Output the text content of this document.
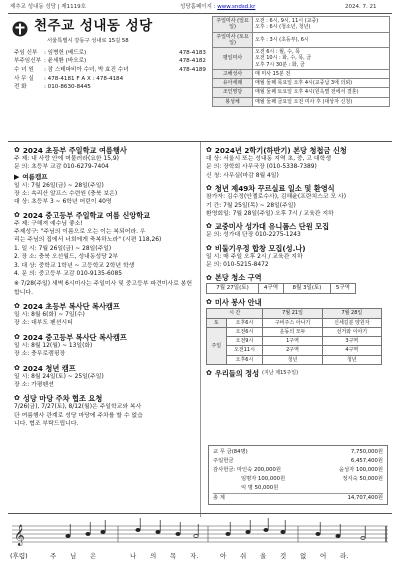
제추교 성내동 성당 | 제1119호	성당홈페이지 : www.sndsd.kr	2024. 7. 21
천주교 성내동 성당
서울특별시 강동구 성내로 15길 58
주임 신부	: 임병헌 (베드로)	478-4183
부주임신부 : 윤세환 (바오로)	478-4182
수 녀 원	: 잠 스테파비아 수녀, 박 효진 수녀	478-4189
사 무 실	: 478-4181 F A X : 478-4184
전 화	: 010-8630-8445
주일미사 (일요일)	오전 : 6시, 9시, 11시 (교중)
오후 : 6시 (청소년, 청년)
주일미사 (토요일)	오후 : 3시 (초등부), 6시
평일미사	오전 6시 : 월, 수, 목
오전 10시 : 화, 수, 목, 금
오후 7시 30분 : 화, 금
고해성사	매 미사 15분 전
유아세례	매월 둘째 목요일 오후 4시(교중납 3에 의뢰)
조인영당	매월 둘째 토요일 오후 4시(원옥별 전에서 결혼)
봉성체	매월 둘째 금요일 오전 미사 후 (대상자 신청)
✿ 2024 초등부 주일학교 여름행사

주 제: 내 사랑 안에 머물러라(요한 15,9)

문 의: 초등부 교감 010-6279-7404

▶ 여름캠프

일 시: 7월 26일(금) ~ 28일(주일)

장 소: 속리산 알프스 수련원 (충북 보은)

대 상: 초등부 3 ~ 6학년 어린이 40명

✿ 2024 중고등부 주일학교 여름 신앙학교

주 제: 구해져 예수님 좋소!

주제성구: "주님의 이름으로 오는 이는 복되어라. 우

리는 주님의 집에서 너희에게 축복하노라" (시편 118,26)

1. 일 시: 7월 26일(금) ~ 28일(주일)

2. 장 소: 충북 오선월드, 성내동성당 2부

3. 대 상: 중학교 1학년 ~ 고등학교 2학년 학생

4. 문 의: 중고등부 교감 010-9135-6085

※ 7/28(주일) 새벽 6시미사는 주일미사 및 중고등부 파견미사로 봉헌합니다.

✿ 2024 초등부 복사단 복사캠프

일 시: 8월 6(화) ~ 7일(수)

장 소: 대부도 펜션시티

✿ 2024 중고등부 복사단 복사캠프

일 시: 8월 12(월) ~ 13일(화)

장 소: 충무로캠핑장

✿ 2024 청년 캠프

일 시: 8월 24일(토) ~ 25일(주일)

장 소: 가평펜션

✿ 성당 마당 주차 협조 요청

7/26(금), 7/27(토), 8/12(월)은 주일학교와 복사

단 여름행사 관계로 성당 마당에 주차를 할 수 없습

니다. 협조 부탁드립니다.

✿ 2024년 2학기(하반기) 본당 청첩금 신청

대 상: 서울시 또는 성내동 지역 초, 중, 고 대학생

문 의: 장학회 사무국장 (010-5338-7389)

신 청: 사무실(마감 8월 4일)

✿ 청년 제49차 꾸르실료 일소 및 환영식

참가자: 김수정(안젤로수사), 김해윤(프란치스코 모 사)

기 간: 7월 25일(목) ~ 28일(주일)

환영회일: 7월 28일(주일) 오후 7시 / 교육관 지하

✿ 교중미사 성가대 유니폼스 단원 모집

문 의: 성가대 단장 010-2275-1243

✿ 비둘기우정 합창 모집(성.나)

일 시: 매 주일 오후 2시 / 교육관 지하

문 의: 010-5215-8472

✿ 본당 청소 구역
7월 27일(토)	4구역	8월 3일(토)	5구역
✿ 미사 봉사 안내
시 간		7월 21일	7월 28일
토	오후6시	구비주스 아나기	신세길분 양원자
주일	오전6시	운동의 모두	선거와 이야기
	오전9시	1구역	3구역
	오전11시	2구역	4구역
	오후6시	청년	청년
✿ 우리들의 정성 (지난 제15주일)
교 무 금(84명)	7,750,000원
주일헌금	6,457,400원
감사헌금: 마인숙 200,000원	윤성자 100,000원
임명자 100,000원	정지숙 50,000원
익 명 50,000원
총 계	14,707,400원
𝄞
(후렴)	주	님	은	나	의	목	자.	아	쉬	울	것	없	어	라.
